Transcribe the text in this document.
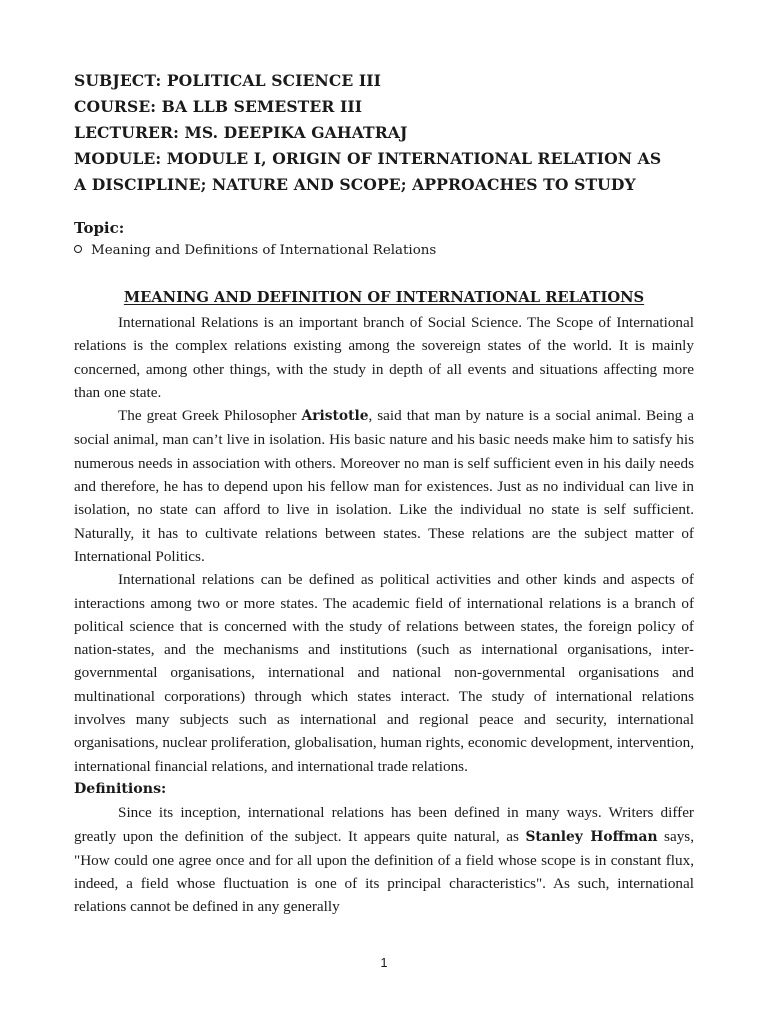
SUBJECT: POLITICAL SCIENCE III
COURSE: BA LLB SEMESTER III
LECTURER: MS. DEEPIKA GAHATRAJ
MODULE: MODULE I, ORIGIN OF INTERNATIONAL RELATION AS
A DISCIPLINE; NATURE AND SCOPE; APPROACHES TO STUDY
Topic:
Meaning and Definitions of International Relations
MEANING AND DEFINITION OF INTERNATIONAL RELATIONS

International Relations is an important branch of Social Science. The Scope of International relations is the complex relations existing among the sovereign states of the world. It is mainly concerned, among other things, with the study in depth of all events and situations affecting more than one state.

The great Greek Philosopher Aristotle, said that man by nature is a social animal. Being a social animal, man can’t live in isolation. His basic nature and his basic needs make him to satisfy his numerous needs in association with others. Moreover no man is self sufficient even in his daily needs and therefore, he has to depend upon his fellow man for existences. Just as no individual can live in isolation, no state can afford to live in isolation. Like the individual no state is self sufficient. Naturally, it has to cultivate relations between states. These relations are the subject matter of International Politics.

International relations can be defined as political activities and other kinds and aspects of interactions among two or more states. The academic field of international relations is a branch of political science that is concerned with the study of relations between states, the foreign policy of nation-states, and the mechanisms and institutions (such as international organisations, inter-governmental organisations, international and national non-governmental organisations and multinational corporations) through which states interact. The study of international relations involves many subjects such as international and regional peace and security, international organisations, nuclear proliferation, globalisation, human rights, economic development, intervention, international financial relations, and international trade relations.

Definitions:

Since its inception, international relations has been defined in many ways. Writers differ greatly upon the definition of the subject. It appears quite natural, as Stanley Hoffman says, "How could one agree once and for all upon the definition of a field whose scope is in constant flux, indeed, a field whose fluctuation is one of its principal characteristics". As such, international relations cannot be defined in any generally

1
